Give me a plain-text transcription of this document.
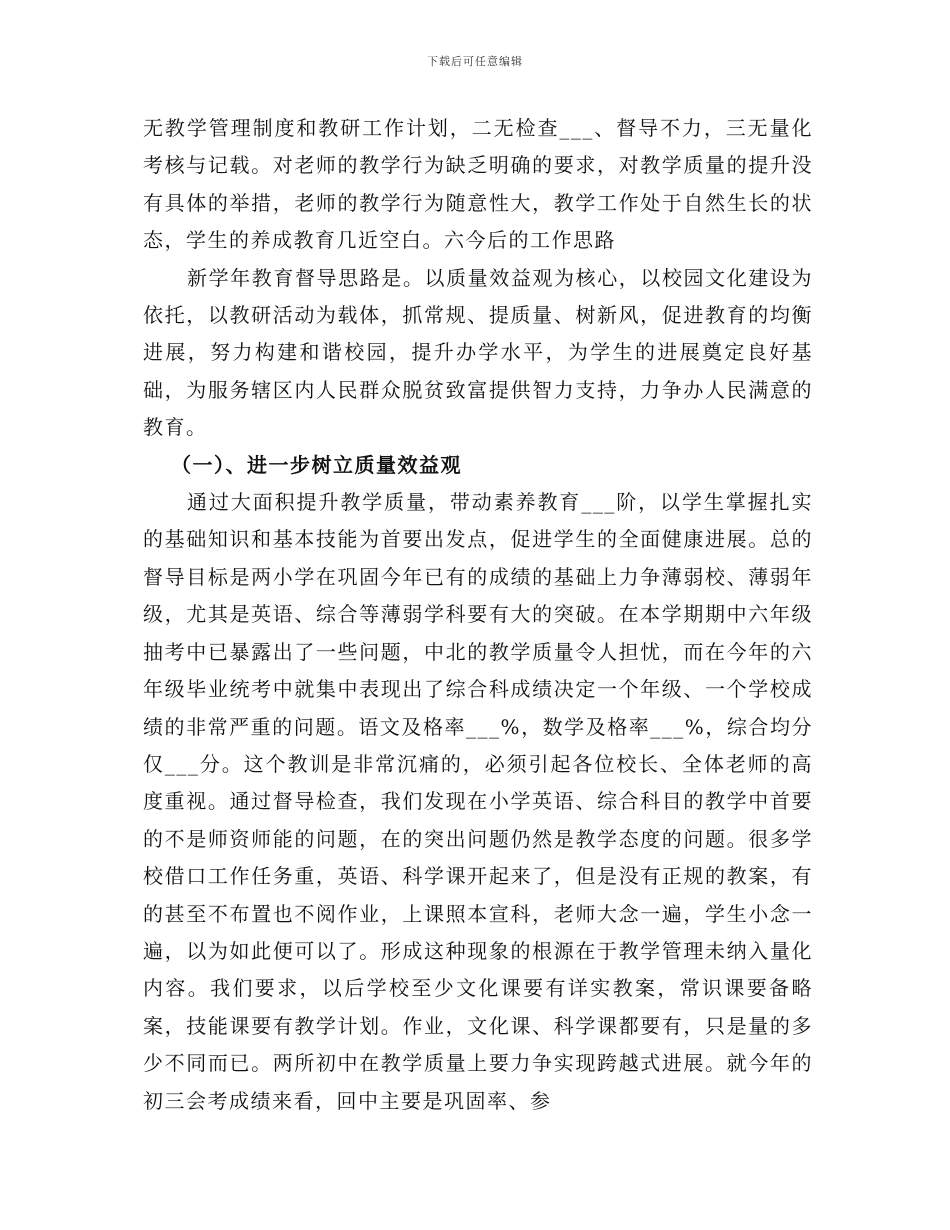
下载后可任意编辑

无教学管理制度和教研工作计划，二无检查___、督导不力，三无量化考核与记载。对老师的教学行为缺乏明确的要求，对教学质量的提升没有具体的举措，老师的教学行为随意性大，教学工作处于自然生长的状态，学生的养成教育几近空白。六今后的工作思路

新学年教育督导思路是。以质量效益观为核心，以校园文化建设为依托，以教研活动为载体，抓常规、提质量、树新风，促进教育的均衡进展，努力构建和谐校园，提升办学水平，为学生的进展奠定良好基础，为服务辖区内人民群众脱贫致富提供智力支持，力争办人民满意的教育。

（一）、进一步树立质量效益观

通过大面积提升教学质量，带动素养教育___阶，以学生掌握扎实的基础知识和基本技能为首要出发点，促进学生的全面健康进展。总的督导目标是两小学在巩固今年已有的成绩的基础上力争薄弱校、薄弱年级，尤其是英语、综合等薄弱学科要有大的突破。在本学期期中六年级抽考中已暴露出了一些问题，中北的教学质量令人担忧，而在今年的六年级毕业统考中就集中表现出了综合科成绩决定一个年级、一个学校成绩的非常严重的问题。语文及格率___%，数学及格率___%，综合均分仅___分。这个教训是非常沉痛的，必须引起各位校长、全体老师的高度重视。通过督导检查，我们发现在小学英语、综合科目的教学中首要的不是师资师能的问题，在的突出问题仍然是教学态度的问题。很多学校借口工作任务重，英语、科学课开起来了，但是没有正规的教案，有的甚至不布置也不阅作业，上课照本宣科，老师大念一遍，学生小念一遍，以为如此便可以了。形成这种现象的根源在于教学管理未纳入量化内容。我们要求，以后学校至少文化课要有详实教案，常识课要备略案，技能课要有教学计划。作业，文化课、科学课都要有，只是量的多少不同而已。两所初中在教学质量上要力争实现跨越式进展。就今年的初三会考成绩来看，回中主要是巩固率、参
